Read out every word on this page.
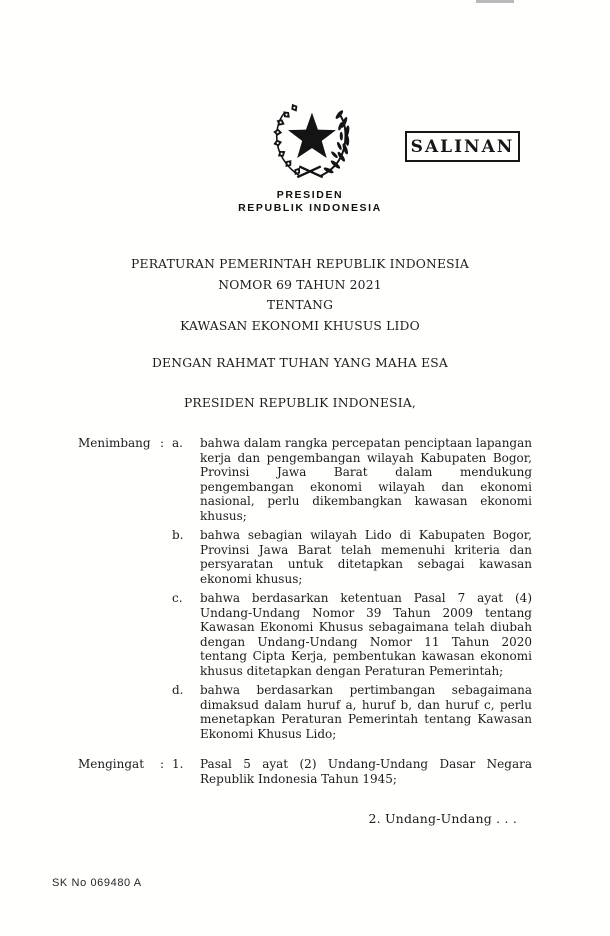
SALINAN
PRESIDEN
REPUBLIK INDONESIA
PERATURAN PEMERINTAH REPUBLIK INDONESIA
NOMOR 69 TAHUN 2021
TENTANG
KAWASAN EKONOMI KHUSUS LIDO
DENGAN RAHMAT TUHAN YANG MAHA ESA
PRESIDEN REPUBLIK INDONESIA,
Menimbang : a.	bahwa dalam rangka percepatan penciptaan lapangan kerja dan pengembangan wilayah Kabupaten Bogor, Provinsi Jawa Barat dalam mendukung pengembangan ekonomi wilayah dan ekonomi nasional, perlu dikembangkan kawasan ekonomi khusus;
b.	bahwa sebagian wilayah Lido di Kabupaten Bogor, Provinsi Jawa Barat telah memenuhi kriteria dan persyaratan untuk ditetapkan sebagai kawasan ekonomi khusus;
c.	bahwa berdasarkan ketentuan Pasal 7 ayat (4) Undang-Undang Nomor 39 Tahun 2009 tentang Kawasan Ekonomi Khusus sebagaimana telah diubah dengan Undang-Undang Nomor 11 Tahun 2020 tentang Cipta Kerja, pembentukan kawasan ekonomi khusus ditetapkan dengan Peraturan Pemerintah;
d.	bahwa berdasarkan pertimbangan sebagaimana dimaksud dalam huruf a, huruf b, dan huruf c, perlu menetapkan Peraturan Pemerintah tentang Kawasan Ekonomi Khusus Lido;
Mengingat	: 1.	Pasal 5 ayat (2) Undang-Undang Dasar Negara Republik Indonesia Tahun 1945;
2. Undang-Undang . . .
SK No 069480 A
